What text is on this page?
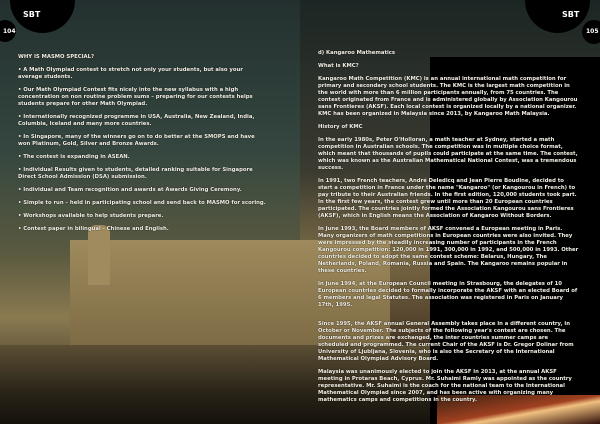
SBT
104
SBT
105

WHY IS MASMO SPECIAL?

• A Math Olympiad contest to stretch not only your students, but also your average students.

• Our Math Olympiad Contest fits nicely into the new syllabus with a high concentration on non routine problem sums – preparing for our contests helps students prepare for other Math Olympiad.

• Internationally recognized programme in USA, Australia, New Zealand, India, Columbia, Iceland and many more countries.

• In Singapore, many of the winners go on to do better at the SMOPS and have won Platinum, Gold, Silver and Bronze Awards.

• The contest is expanding in ASEAN.

• Individual Results given to students, detailed ranking suitable for Singapore Direct School Admission (DSA) submission.

• Individual and Team recognition and awards at Awards Giving Ceremony.

• Simple to run – held in participating school and send back to MASMO for scoring.

• Workshops available to help students prepare.

• Contest paper in bilingual - Chinese and English.

d) Kangaroo Mathematics

What is KMC?

Kangaroo Math Competition (KMC) is an annual international math competition for primary and secondary school students. The KMC is the largest math competition in the world with more than 6 million participants annually, from 75 countries. The contest originated from France and is administered globally by Association Kangourou sans Frontieres (AKSF). Each local contest is organized locally by a national organizer. KMC has been organized in Malaysia since 2013, by Kangaroo Math Malaysia.

History of KMC

In the early 1980s, Peter O'Holloran, a math teacher at Sydney, started a math competition in Australian schools. The competition was in multiple choice format, which meant that thousands of pupils could participate at the same time. The contest, which was known as the Australian Mathematical National Contest, was a tremendous success.

In 1991, two French teachers, André Deledicq and Jean Pierre Boudine, decided to start a competition in France under the name "Kangaroo" (or Kangourou in French) to pay tribute to their Australian friends. In the first edition, 120,000 students took part. In the first few years, the contest grew until more than 20 European countries participated. The countries jointly formed the Association Kangourou sans Frontieres (AKSF), which in English means the Association of Kangaroo Without Borders.

In June 1993, the Board members of AKSF convened a European meeting in Paris. Many organizers of math competitions in European countries were also invited. They were impressed by the steadily increasing number of participants in the French Kangourou competition: 120,000 in 1991, 300,000 in 1992, and 500,000 in 1993. Other countries decided to adopt the same contest scheme: Belarus, Hungary, The Netherlands, Poland, Romania, Russia and Spain. The Kangaroo remains popular in these countries.

In June 1994, at the European Council meeting in Strasbourg, the delegates of 10 European countries decided to formally incorporate the AKSF with an elected Board of 6 members and legal Statutes. The association was registered in Paris on January 17th, 1995.

Since 1995, the AKSF annual General Assembly takes place in a different country, in October or November. The subjects of the following year's contest are chosen. The documents and prizes are exchanged, the inter countries summer camps are scheduled and programmed. The current Chair of the AKSF is Dr. Gregor Dolinar from University of Ljubljana, Slovenia, who is also the Secretary of the International Mathematical Olympiad Advisory Board.

Malaysia was unanimously elected to join the AKSF in 2013, at the annual AKSF meeting in Protaras Beach, Cyprus. Mr. Suhaimi Ramly was appointed as the country representative. Mr. Suhaimi is the coach for the national team to the International Mathematical Olympiad since 2007, and has been active with organizing many mathematics camps and competitions in the country.
